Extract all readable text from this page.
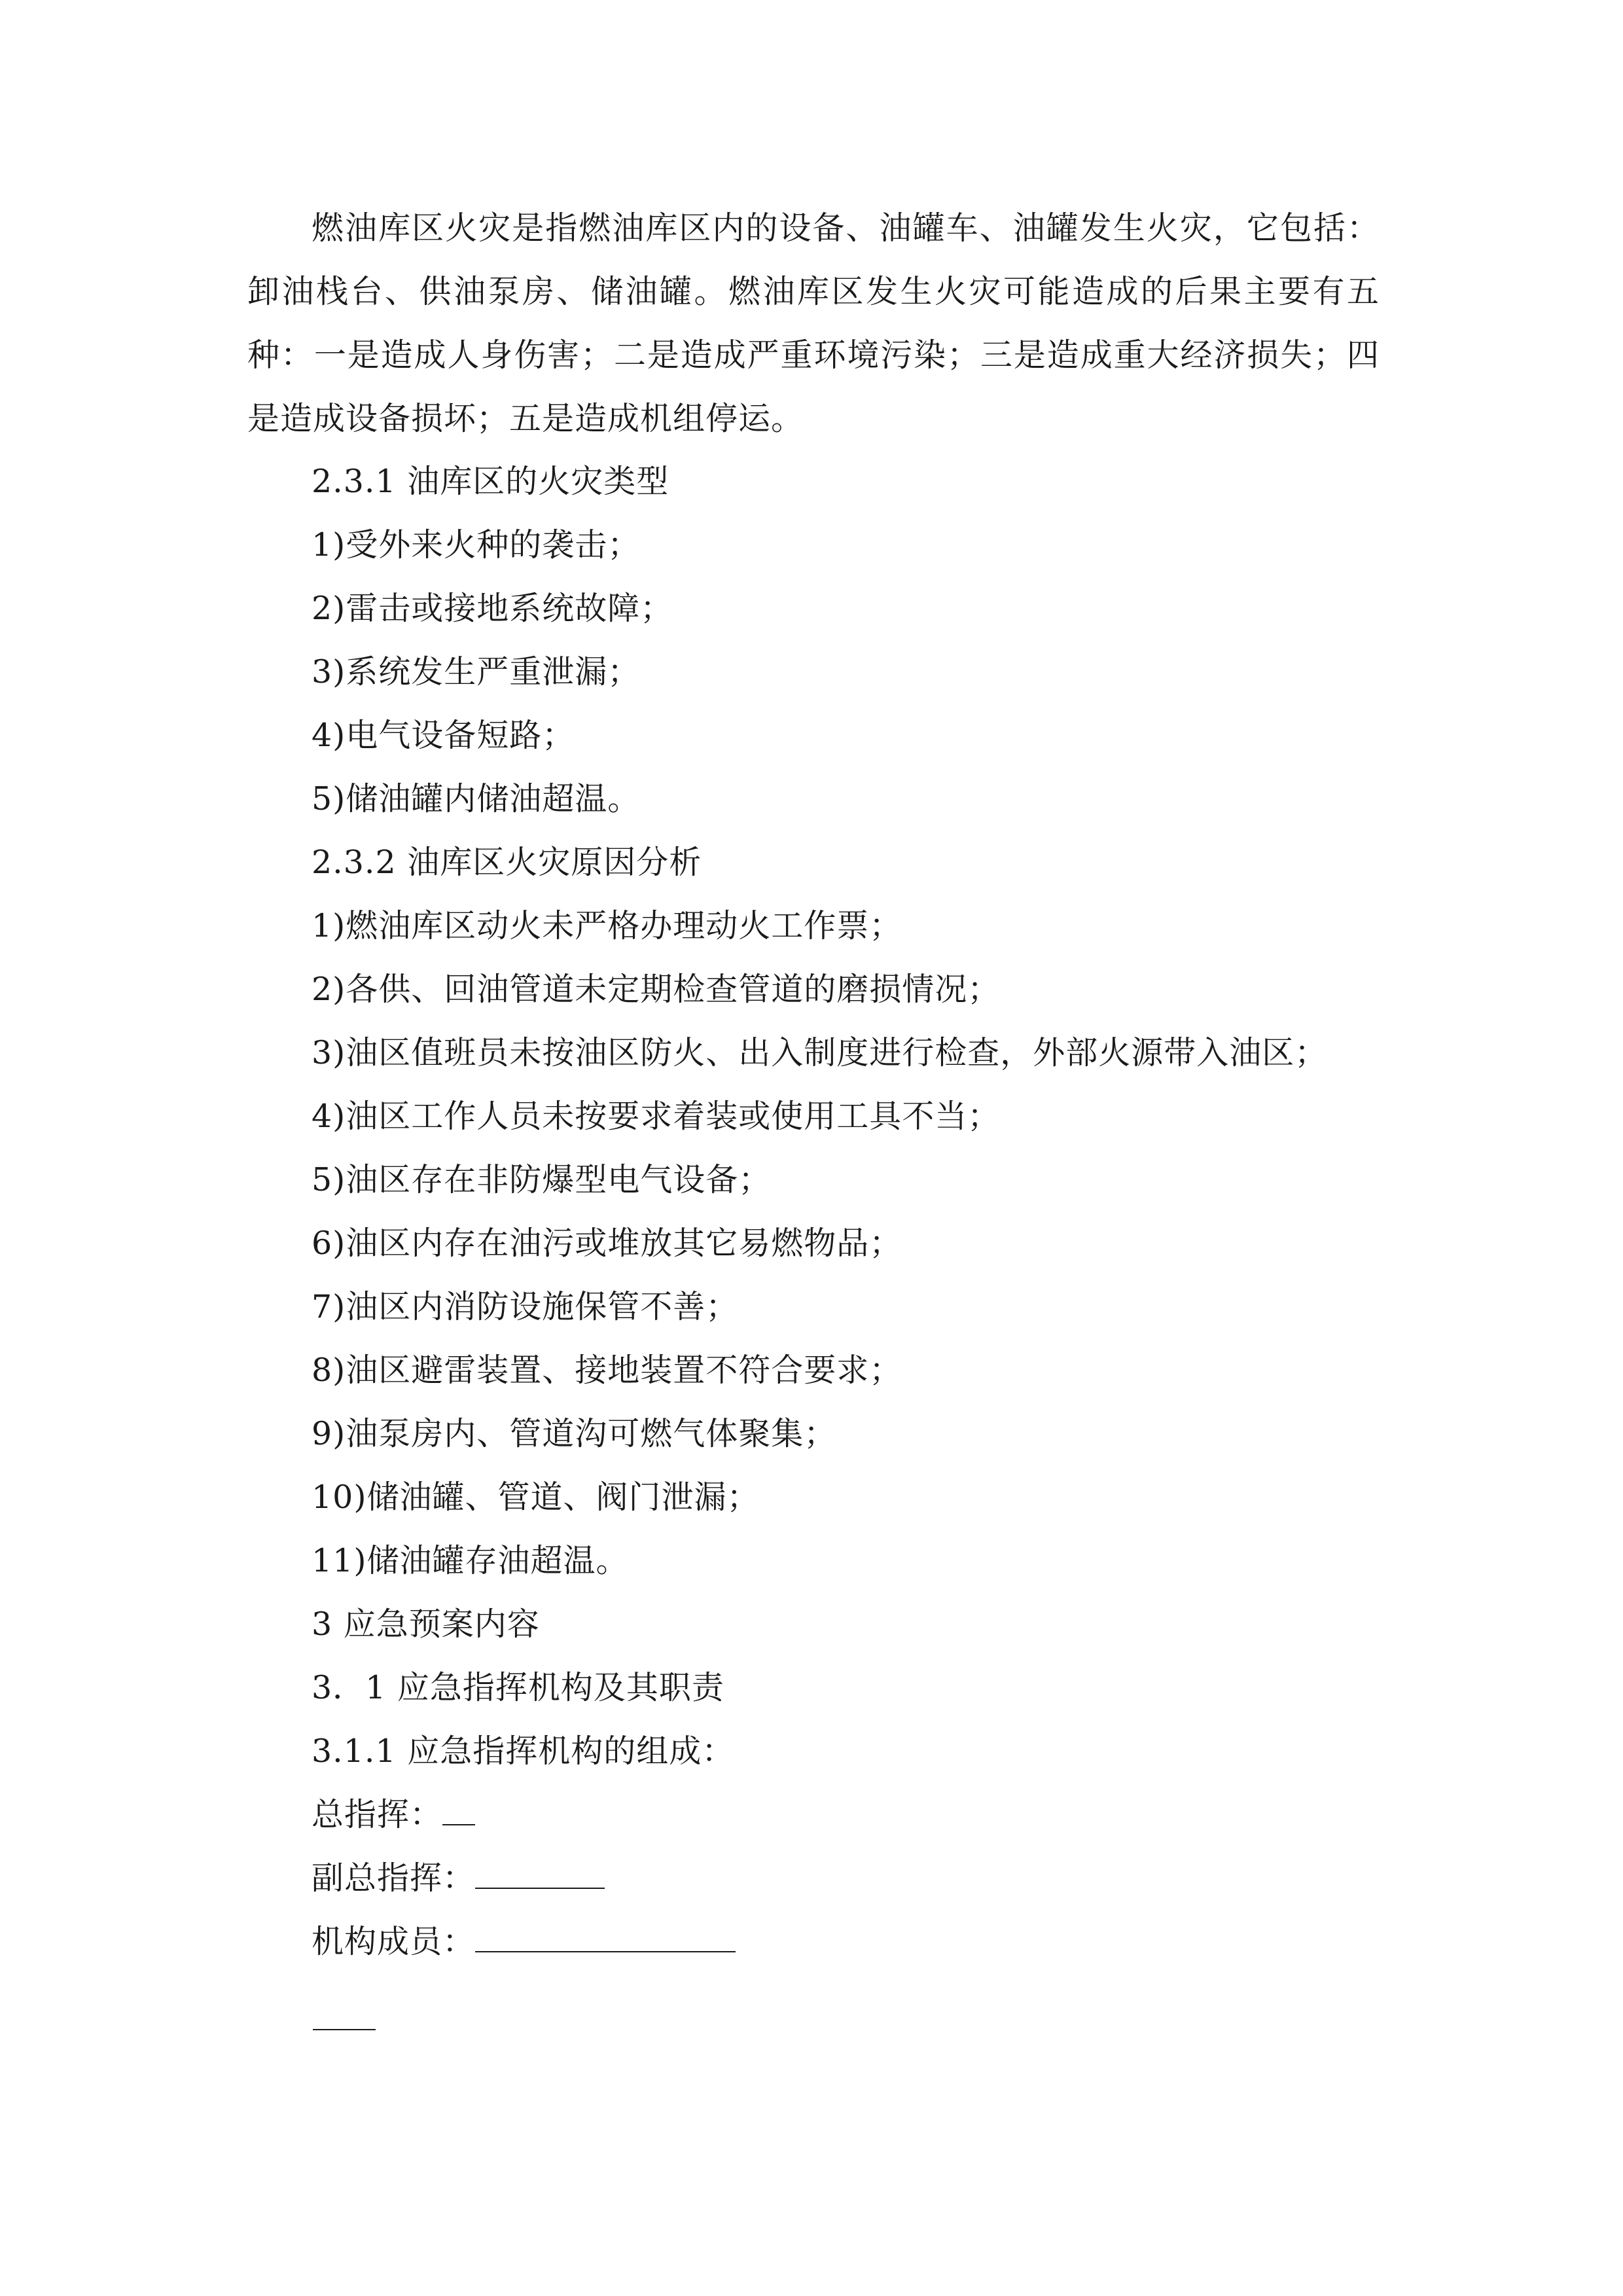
燃油库区火灾是指燃油库区内的设备、油罐车、油罐发生火灾，它包括：卸油栈台、供油泵房、储油罐。燃油库区发生火灾可能造成的后果主要有五种：一是造成人身伤害；二是造成严重环境污染；三是造成重大经济损失；四是造成设备损坏；五是造成机组停运。
2.3.1 油库区的火灾类型
1)受外来火种的袭击；
2)雷击或接地系统故障；
3)系统发生严重泄漏；
4)电气设备短路；
5)储油罐内储油超温。
2.3.2 油库区火灾原因分析
1)燃油库区动火未严格办理动火工作票；
2)各供、回油管道未定期检查管道的磨损情况；
3)油区值班员未按油区防火、出入制度进行检查，外部火源带入油区；
4)油区工作人员未按要求着装或使用工具不当；
5)油区存在非防爆型电气设备；
6)油区内存在油污或堆放其它易燃物品；
7)油区内消防设施保管不善；
8)油区避雷装置、接地装置不符合要求；
9)油泵房内、管道沟可燃气体聚集；
10)储油罐、管道、阀门泄漏；
11)储油罐存油超温。
3 应急预案内容
3．1 应急指挥机构及其职责
3.1.1 应急指挥机构的组成：
总指挥：
副总指挥：
机构成员：
